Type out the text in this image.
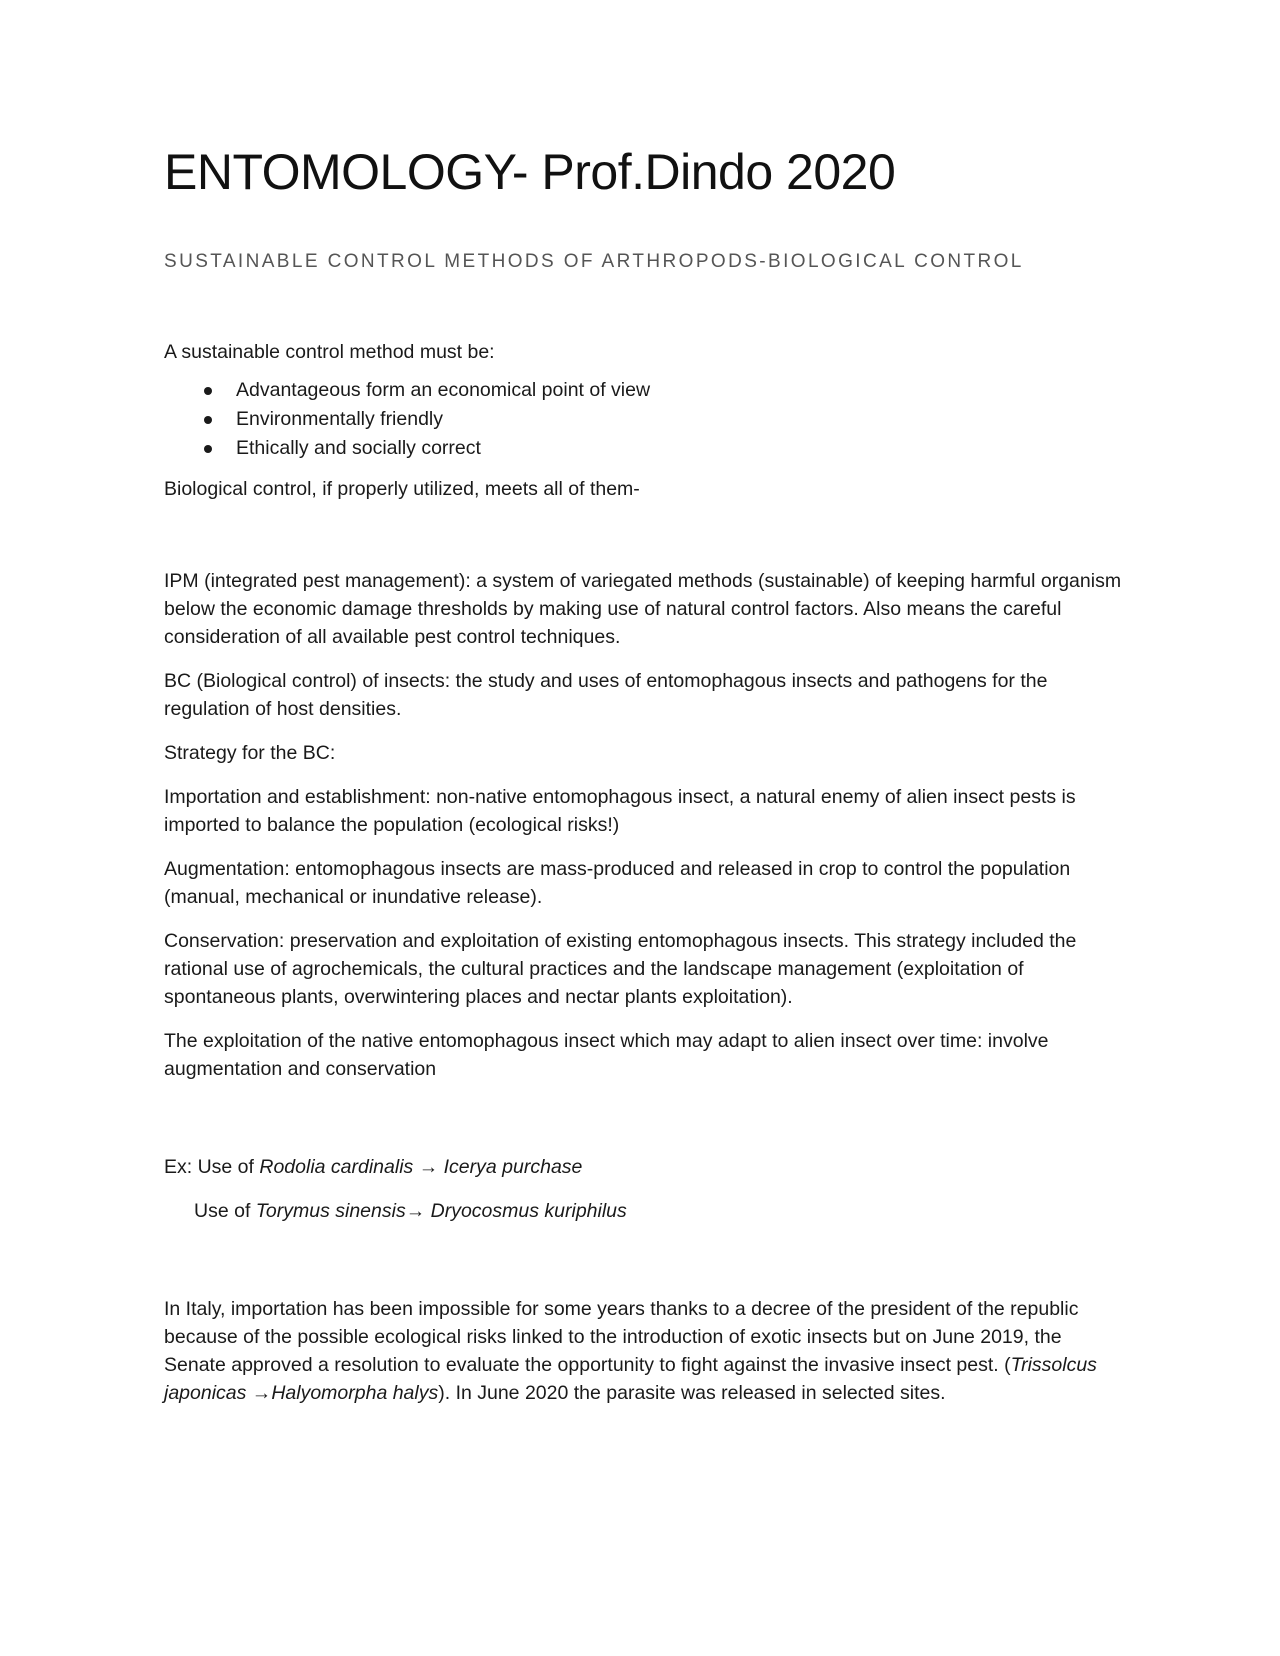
ENTOMOLOGY- Prof.Dindo 2020
SUSTAINABLE CONTROL METHODS OF ARTHROPODS-BIOLOGICAL CONTROL

A sustainable control method must be:

Advantageous form an economical point of view
Environmentally friendly
Ethically and socially correct

Biological control, if properly utilized, meets all of them-

IPM (integrated pest management): a system of variegated methods (sustainable) of keeping harmful organism below the economic damage thresholds by making use of natural control factors. Also means the careful consideration of all available pest control techniques.

BC (Biological control) of insects: the study and uses of entomophagous insects and pathogens for the regulation of host densities.

Strategy for the BC:

Importation and establishment: non-native entomophagous insect, a natural enemy of alien insect pests is imported to balance the population (ecological risks!)

Augmentation: entomophagous insects are mass-produced and released in crop to control the population (manual, mechanical or inundative release).

Conservation: preservation and exploitation of existing entomophagous insects. This strategy included the rational use of agrochemicals, the cultural practices and the landscape management (exploitation of spontaneous plants, overwintering places and nectar plants exploitation).

The exploitation of the native entomophagous insect which may adapt to alien insect over time: involve augmentation and conservation

Ex: Use of Rodolia cardinalis → Icerya purchase

Use of Torymus sinensis→ Dryocosmus kuriphilus

In Italy, importation has been impossible for some years thanks to a decree of the president of the republic because of the possible ecological risks linked to the introduction of exotic insects but on June 2019, the Senate approved a resolution to evaluate the opportunity to fight against the invasive insect pest. (Trissolcus japonicas →Halyomorpha halys). In June 2020 the parasite was released in selected sites.
